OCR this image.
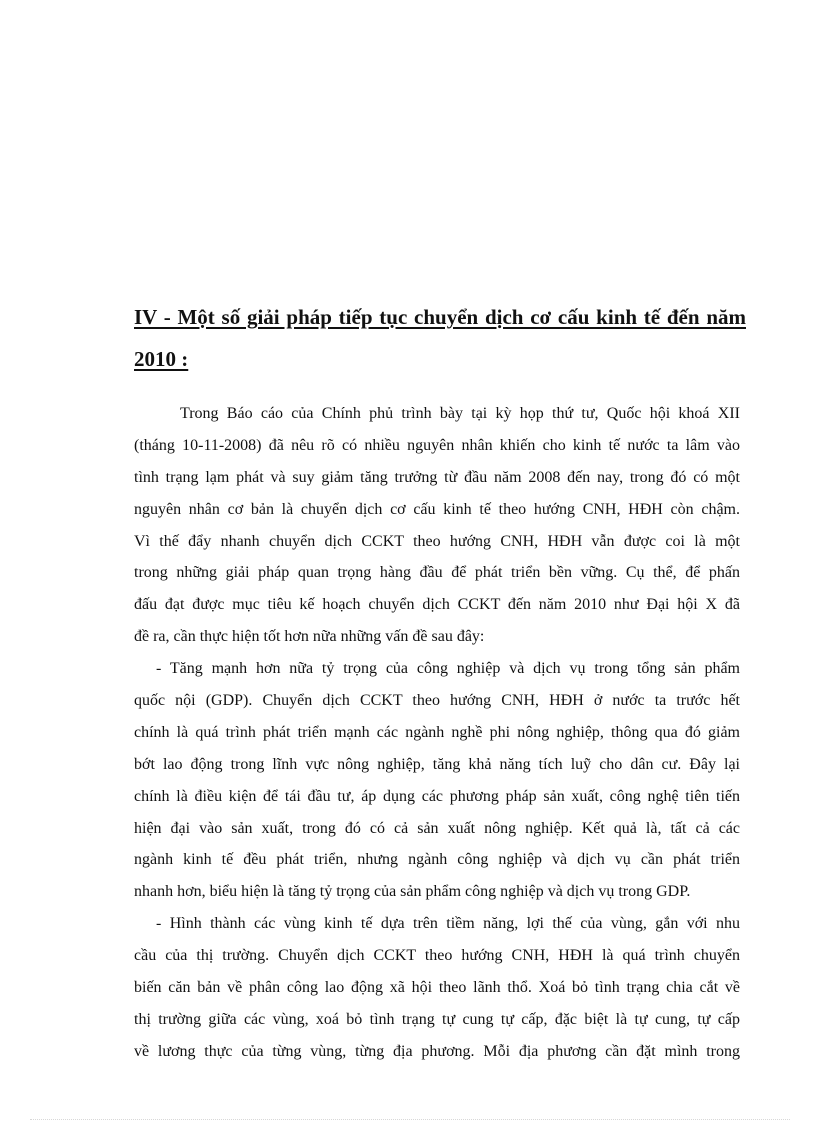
IV - Một số giải pháp tiếp tục chuyển dịch cơ cấu kinh tế đến năm
2010 :
Trong Báo cáo của Chính phủ trình bày tại kỳ họp thứ tư, Quốc hội khoá XII
(tháng 10-11-2008) đã nêu rõ có nhiều nguyên nhân khiến cho kinh tế nước ta lâm vào
tình trạng lạm phát và suy giảm tăng trưởng từ đầu năm 2008 đến nay, trong đó có một
nguyên nhân cơ bản là chuyển dịch cơ cấu kinh tế theo hướng CNH, HĐH còn chậm.
Vì thế đẩy nhanh chuyển dịch CCKT theo hướng CNH, HĐH vẫn được coi là một
trong những giải pháp quan trọng hàng đầu để phát triển bền vững. Cụ thể, để phấn
đấu đạt được mục tiêu kế hoạch chuyển dịch CCKT đến năm 2010 như Đại hội X đã
đề ra, cần thực hiện tốt hơn nữa những vấn đề sau đây:
- Tăng mạnh hơn nữa tỷ trọng của công nghiệp và dịch vụ trong tổng sản phẩm
quốc nội (GDP). Chuyển dịch CCKT theo hướng CNH, HĐH ở nước ta trước hết
chính là quá trình phát triển mạnh các ngành nghề phi nông nghiệp, thông qua đó giảm
bớt lao động trong lĩnh vực nông nghiệp, tăng khả năng tích luỹ cho dân cư. Đây lại
chính là điều kiện để tái đầu tư, áp dụng các phương pháp sản xuất, công nghệ tiên tiến
hiện đại vào sản xuất, trong đó có cả sản xuất nông nghiệp. Kết quả là, tất cả các
ngành kinh tế đều phát triển, nhưng ngành công nghiệp và dịch vụ cần phát triển
nhanh hơn, biểu hiện là tăng tỷ trọng của sản phẩm công nghiệp và dịch vụ trong GDP.
- Hình thành các vùng kinh tế dựa trên tiềm năng, lợi thế của vùng, gắn với nhu
cầu của thị trường. Chuyển dịch CCKT theo hướng CNH, HĐH là quá trình chuyển
biến căn bản về phân công lao động xã hội theo lãnh thổ. Xoá bỏ tình trạng chia cắt về
thị trường giữa các vùng, xoá bỏ tình trạng tự cung tự cấp, đặc biệt là tự cung, tự cấp
về lương thực của từng vùng, từng địa phương. Mỗi địa phương cần đặt mình trong
